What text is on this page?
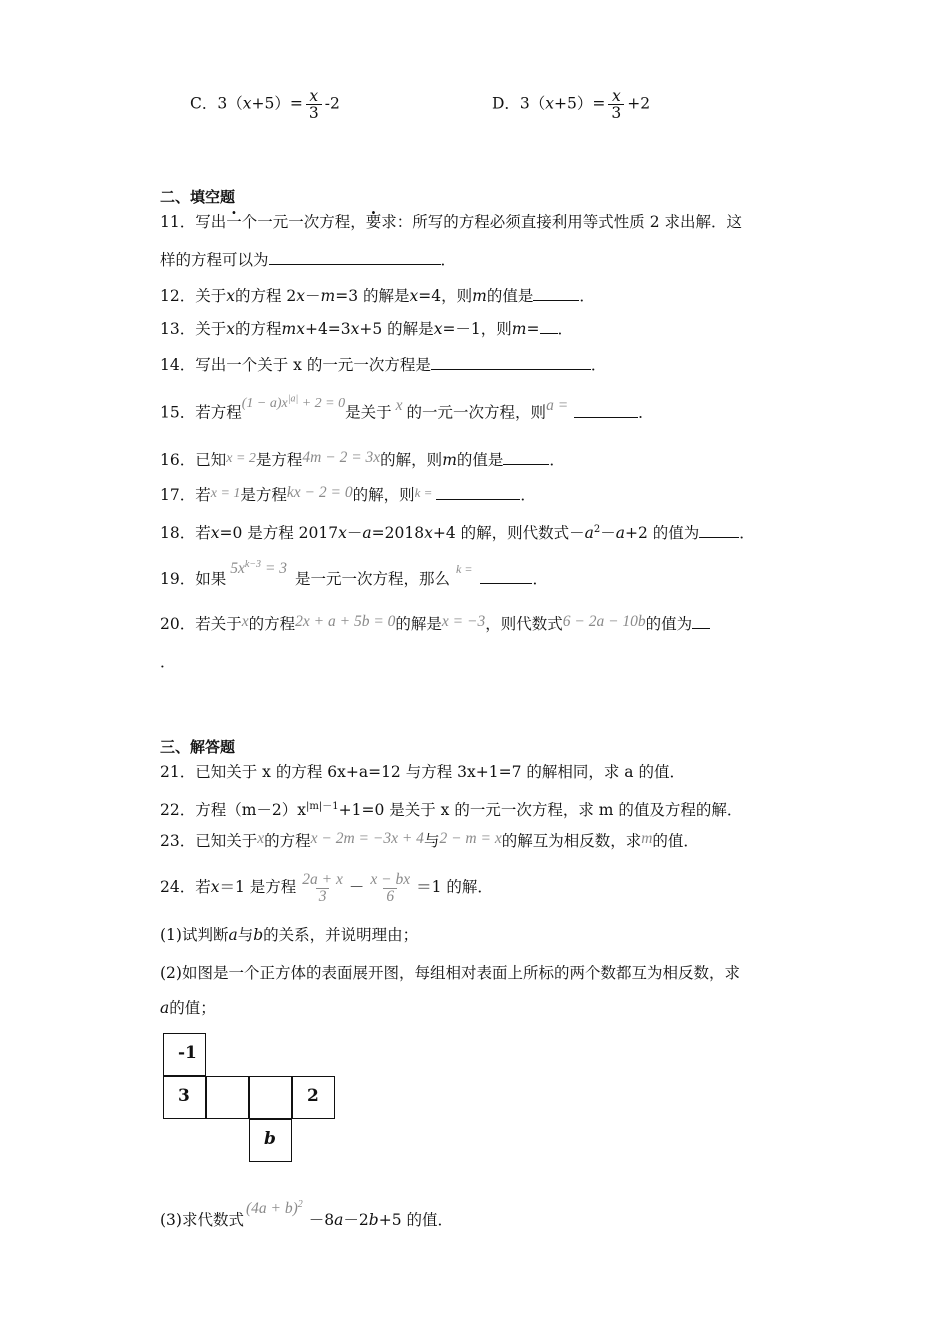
C．$3(x+5)= \frac{x}{3} -2$	D．$3(x+5)= \frac{x}{3} +2$
二、填空题
11．写出一个一元一次方程，要求：所写的方程必须直接利用等式性质 2 求出解．这
样的方程可以为	．
12．关于x的方程 2x－m=3 的解是x=4，则m的值是	．
13．关于x的方程mx+4=3x+5 的解是x=－1，则m= ．
14．写出一个关于 x 的一元一次方程是	．
15．若方程$(1 - a)x^{|a|} + 2 = 0$是关于 x 的一元一次方程，则a =	．
16．已知x = 2是方程4m − 2 = 3x的解，则m的值是	．
17．若x = 1是方程kx − 2 = 0的解，则k =	．
18．若x=0 是方程 2017x－a=2018x+4 的解，则代数式$-a^2-a+2$ 的值为	．
19．如果$5x^{k-3} = 3$是一元一次方程，那么$^{k =}$．
20．若关于x的方程2x + a + 5b = 0的解是x = −3，则代数式6 − 2a − 10b的值为
．
三、解答题
21．已知关于 x 的方程 6x+a=12 与方程 3x+1=7 的解相同，求 a 的值．
22．方程$(m-2)x^{|m|-1}+1=0$ 是关于 x 的一元一次方程，求 m 的值及方程的解．
23．已知关于x的方程x − 2m = −3x + 4与2 − m = x的解互为相反数，求m的值．
24．若x＝1 是方程 $\frac{2a + x}{3} - \frac{x - bx}{6} =1$ 的解．
(1)试判断a与b的关系，并说明理由；
(2)如图是一个正方体的表面展开图，每组相对表面上所标的两个数都互为相反数，求
a的值；
-1
3	2
b
(3)求代数式$(4a + b)^2-8a-2b+5$ 的值．
